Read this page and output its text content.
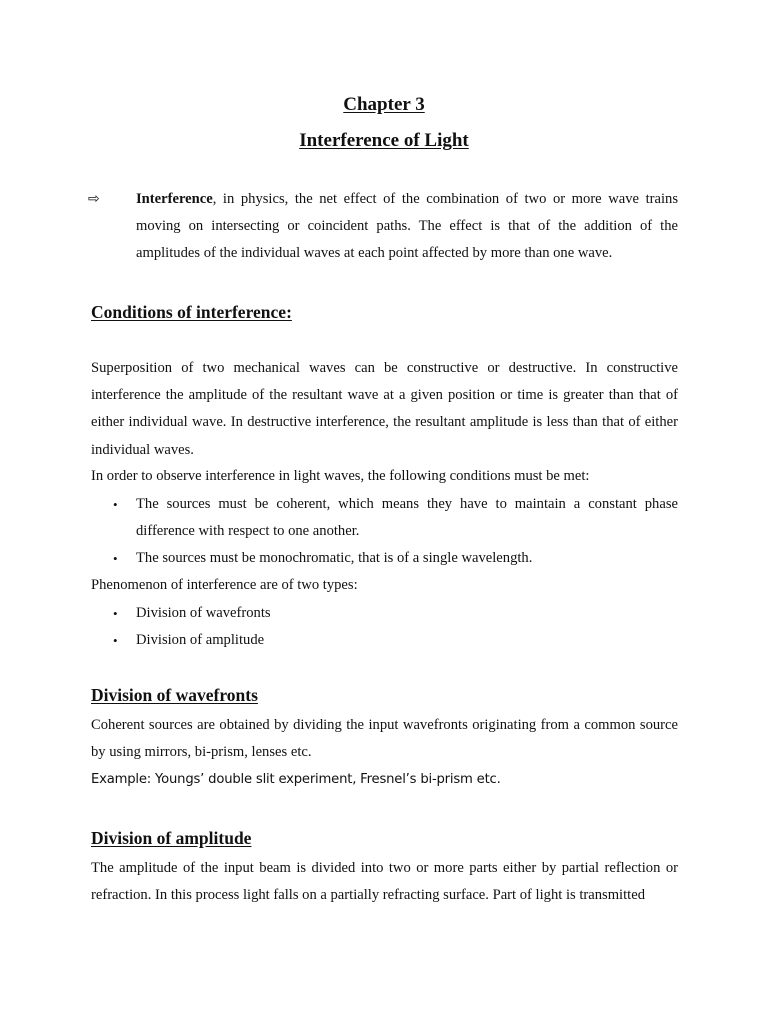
Chapter 3
Interference of Light
⇨	Interference, in physics, the net effect of the combination of two or more wave trains moving on intersecting or coincident paths. The effect is that of the addition of the amplitudes of the individual waves at each point affected by more than one wave.
Conditions of interference:
Superposition of two mechanical waves can be constructive or destructive. In constructive interference the amplitude of the resultant wave at a given position or time is greater than that of either individual wave. In destructive interference, the resultant amplitude is less than that of either individual waves.
In order to observe interference in light waves, the following conditions must be met:
• The sources must be coherent, which means they have to maintain a constant phase difference with respect to one another.
• The sources must be monochromatic, that is of a single wavelength.
Phenomenon of interference are of two types:
• Division of wavefronts
• Division of amplitude
Division of wavefronts
Coherent sources are obtained by dividing the input wavefronts originating from a common source by using mirrors, bi-prism, lenses etc.
Example: Youngs’ double slit experiment, Fresnel’s bi-prism etc.
Division of amplitude
The amplitude of the input beam is divided into two or more parts either by partial reflection or refraction. In this process light falls on a partially refracting surface. Part of light is transmitted
